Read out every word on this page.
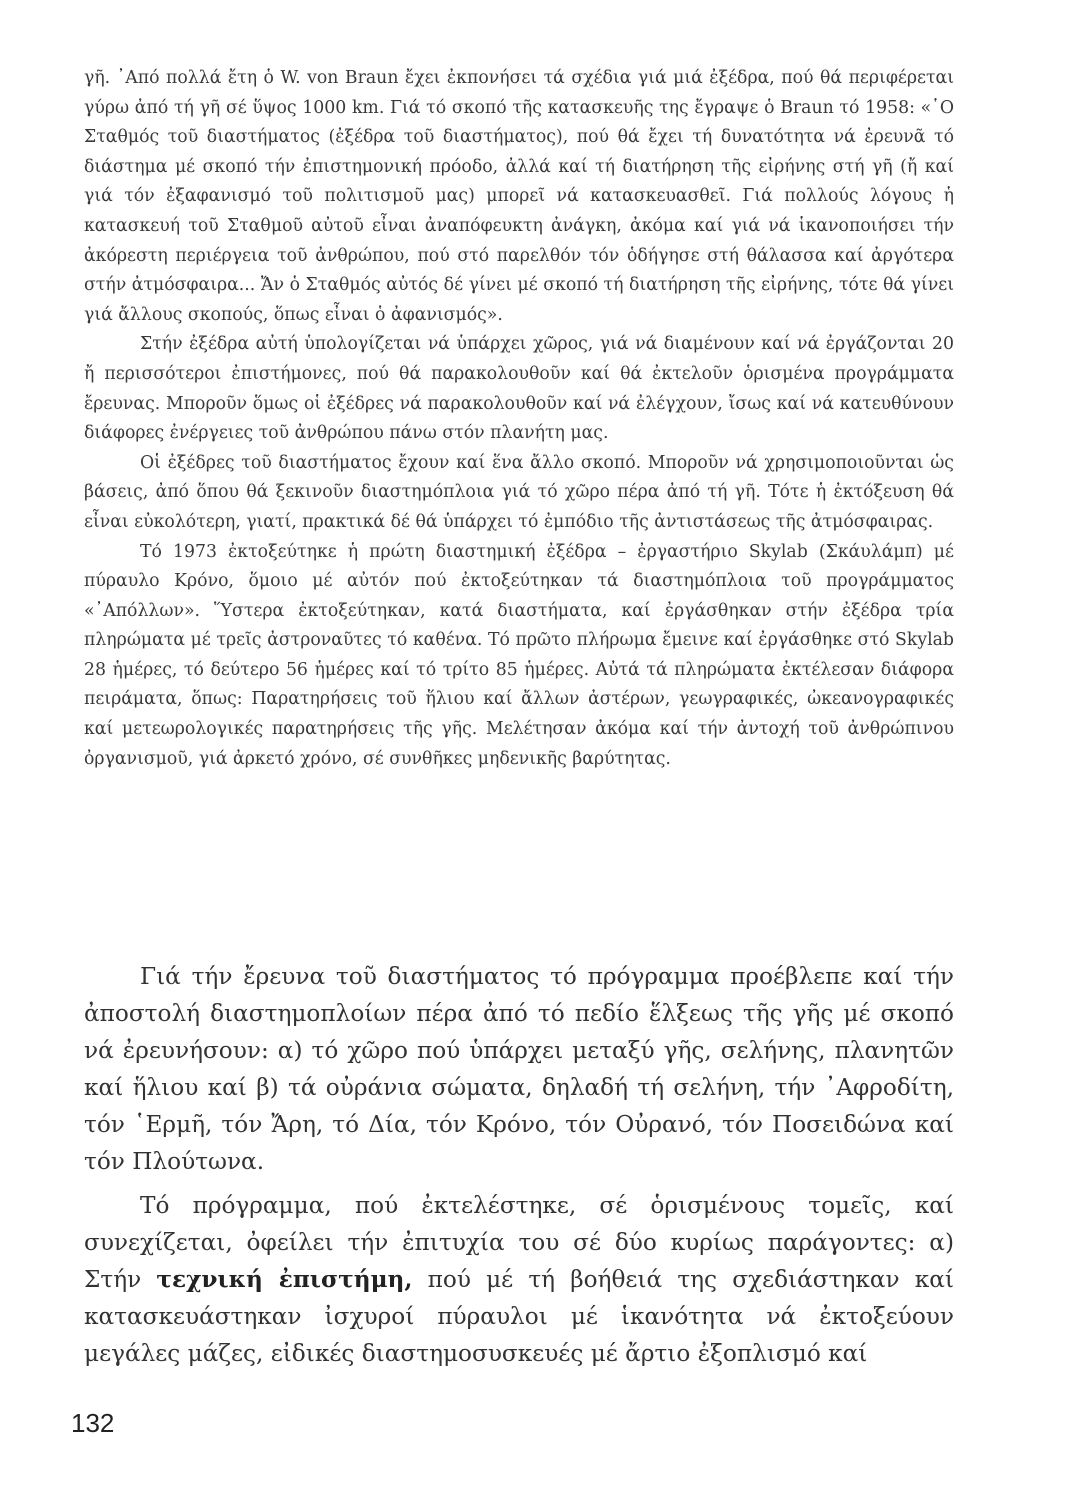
γῆ. ᾿Από πολλά ἔτη ὁ W. von Braun ἔχει ἐκπονήσει τά σχέδια γιά μιά ἐξέδρα, πού θά περιφέρεται γύρω ἀπό τή γῆ σέ ὕψος 1000 km. Γιά τό σκοπό τῆς κατασκευῆς της ἔγραψε ὁ Braun τό 1958: «῾Ο Σταθμός τοῦ διαστήματος (ἐξέδρα τοῦ διαστήματος), πού θά ἔχει τή δυνατότητα νά ἐρευνᾶ τό διάστημα μέ σκοπό τήν ἐπιστημονική πρόοδο, ἀλλά καί τή διατήρηση τῆς εἰρήνης στή γῆ (ἤ καί γιά τόν ἐξαφανισμό τοῦ πολιτισμοῦ μας) μπορεῖ νά κατασκευασθεῖ. Γιά πολλούς λόγους ἡ κατασκευή τοῦ Σταθμοῦ αὐτοῦ εἶναι ἀναπόφευκτη ἀνάγκη, ἀκόμα καί γιά νά ἱκανοποιήσει τήν ἀκόρεστη περιέργεια τοῦ ἀνθρώπου, πού στό παρελθόν τόν ὁδήγησε στή θάλασσα καί ἀργότερα στήν ἀτμόσφαιρα... Ἄν ὁ Σταθμός αὐτός δέ γίνει μέ σκοπό τή διατήρηση τῆς εἰρήνης, τότε θά γίνει γιά ἄλλους σκοπούς, ὅπως εἶναι ὁ ἀφανισμός».

Στήν ἐξέδρα αὐτή ὑπολογίζεται νά ὑπάρχει χῶρος, γιά νά διαμένουν καί νά ἐργάζονται 20 ἤ περισσότεροι ἐπιστήμονες, πού θά παρακολουθοῦν καί θά ἐκτελοῦν ὁρισμένα προγράμματα ἔρευνας. Μποροῦν ὅμως οἱ ἐξέδρες νά παρακολουθοῦν καί νά ἐλέγχουν, ἴσως καί νά κατευθύνουν διάφορες ἐνέργειες τοῦ ἀνθρώπου πάνω στόν πλανήτη μας.

Οἱ ἐξέδρες τοῦ διαστήματος ἔχουν καί ἕνα ἄλλο σκοπό. Μποροῦν νά χρησιμοποιοῦνται ὡς βάσεις, ἀπό ὅπου θά ξεκινοῦν διαστημόπλοια γιά τό χῶρο πέρα ἀπό τή γῆ. Τότε ἡ ἐκτόξευση θά εἶναι εὐκολότερη, γιατί, πρακτικά δέ θά ὑπάρχει τό ἐμπόδιο τῆς ἀντιστάσεως τῆς ἀτμόσφαιρας.

Τό 1973 ἐκτοξεύτηκε ἡ πρώτη διαστημική ἐξέδρα – ἐργαστήριο Skylab (Σκάυλάμπ) μέ πύραυλο Κρόνο, ὅμοιο μέ αὐτόν πού ἐκτοξεύτηκαν τά διαστημόπλοια τοῦ προγράμματος «᾿Απόλλων». Ὕστερα ἐκτοξεύτηκαν, κατά διαστήματα, καί ἐργάσθηκαν στήν ἐξέδρα τρία πληρώματα μέ τρεῖς ἀστροναῦτες τό καθένα. Τό πρῶτο πλήρωμα ἔμεινε καί ἐργάσθηκε στό Skylab 28 ἡμέρες, τό δεύτερο 56 ἡμέρες καί τό τρίτο 85 ἡμέρες. Αὐτά τά πληρώματα ἐκτέλεσαν διάφορα πειράματα, ὅπως: Παρατηρήσεις τοῦ ἥλιου καί ἄλλων ἀστέρων, γεωγραφικές, ὠκεανογραφικές καί μετεωρολογικές παρατηρήσεις τῆς γῆς. Μελέτησαν ἀκόμα καί τήν ἀντοχή τοῦ ἀνθρώπινου ὀργανισμοῦ, γιά ἀρκετό χρόνο, σέ συνθῆκες μηδενικῆς βαρύτητας.

Γιά τήν ἔρευνα τοῦ διαστήματος τό πρόγραμμα προέβλεπε καί τήν ἀποστολή διαστημοπλοίων πέρα ἀπό τό πεδίο ἕλξεως τῆς γῆς μέ σκοπό νά ἐρευνήσουν: α) τό χῶρο πού ὑπάρχει μεταξύ γῆς, σελήνης, πλανητῶν καί ἥλιου καί β) τά οὐράνια σώματα, δηλαδή τή σελήνη, τήν ᾿Αφροδίτη, τόν ῾Ερμῆ, τόν Ἄρη, τό Δία, τόν Κρόνο, τόν Οὐρανό, τόν Ποσειδώνα καί τόν Πλούτωνα.

Τό πρόγραμμα, πού ἐκτελέστηκε, σέ ὁρισμένους τομεῖς, καί συνεχίζεται, ὀφείλει τήν ἐπιτυχία του σέ δύο κυρίως παράγοντες: α) Στήν τεχνική ἐπιστήμη, πού μέ τή βοήθειά της σχεδιάστηκαν καί κατασκευάστηκαν ἰσχυροί πύραυλοι μέ ἱκανότητα νά ἐκτοξεύουν μεγάλες μάζες, εἰδικές διαστημοσυσκευές μέ ἄρτιο ἐξοπλισμό καί

132
